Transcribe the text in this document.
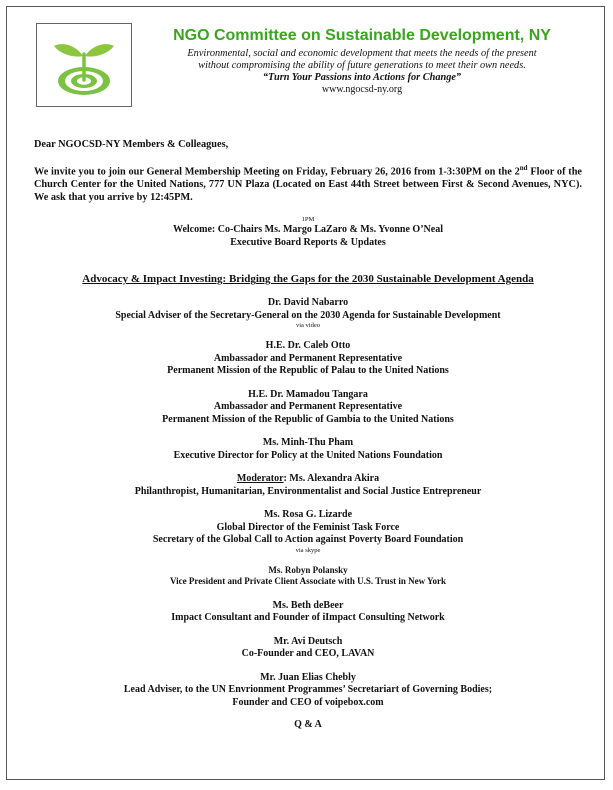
NGO Committee on Sustainable Development, NY

Environmental, social and economic development that meets the needs of the present

without compromising the ability of future generations to meet their own needs.

“Turn Your Passions into Actions for Change”

www.ngocsd-ny.org

Dear NGOCSD-NY Members & Colleagues,

We invite you to join our General Membership Meeting on Friday, February 26, 2016 from 1-3:30PM on the 2nd Floor of the Church Center for the United Nations, 777 UN Plaza (Located on East 44th Street between First & Second Avenues, NYC). We ask that you arrive by 12:45PM.

1PM

Welcome: Co-Chairs Ms. Margo LaZaro & Ms. Yvonne O’Neal

Executive Board Reports & Updates

Advocacy & Impact Investing: Bridging the Gaps for the 2030 Sustainable Development Agenda

Dr. David Nabarro

Special Adviser of the Secretary-General on the 2030 Agenda for Sustainable Development

via video

H.E. Dr. Caleb Otto

Ambassador and Permanent Representative

Permanent Mission of the Republic of Palau to the United Nations

H.E. Dr. Mamadou Tangara

Ambassador and Permanent Representative

Permanent Mission of the Republic of Gambia to the United Nations

Ms. Minh-Thu Pham

Executive Director for Policy at the United Nations Foundation

Moderator: Ms. Alexandra Akira

Philanthropist, Humanitarian, Environmentalist and Social Justice Entrepreneur

Ms. Rosa G. Lizarde

Global Director of the Feminist Task Force

Secretary of the Global Call to Action against Poverty Board Foundation

via skype

Ms. Robyn Polansky

Vice President and Private Client Associate with U.S. Trust in New York

Ms. Beth deBeer

Impact Consultant and Founder of iImpact Consulting Network

Mr. Avi Deutsch

Co-Founder and CEO, LAVAN

Mr. Juan Elias Chebly

Lead Adviser, to the UN Envrionment Programmes’ Secretariart of Governing Bodies;

Founder and CEO of voipebox.com

Q & A
